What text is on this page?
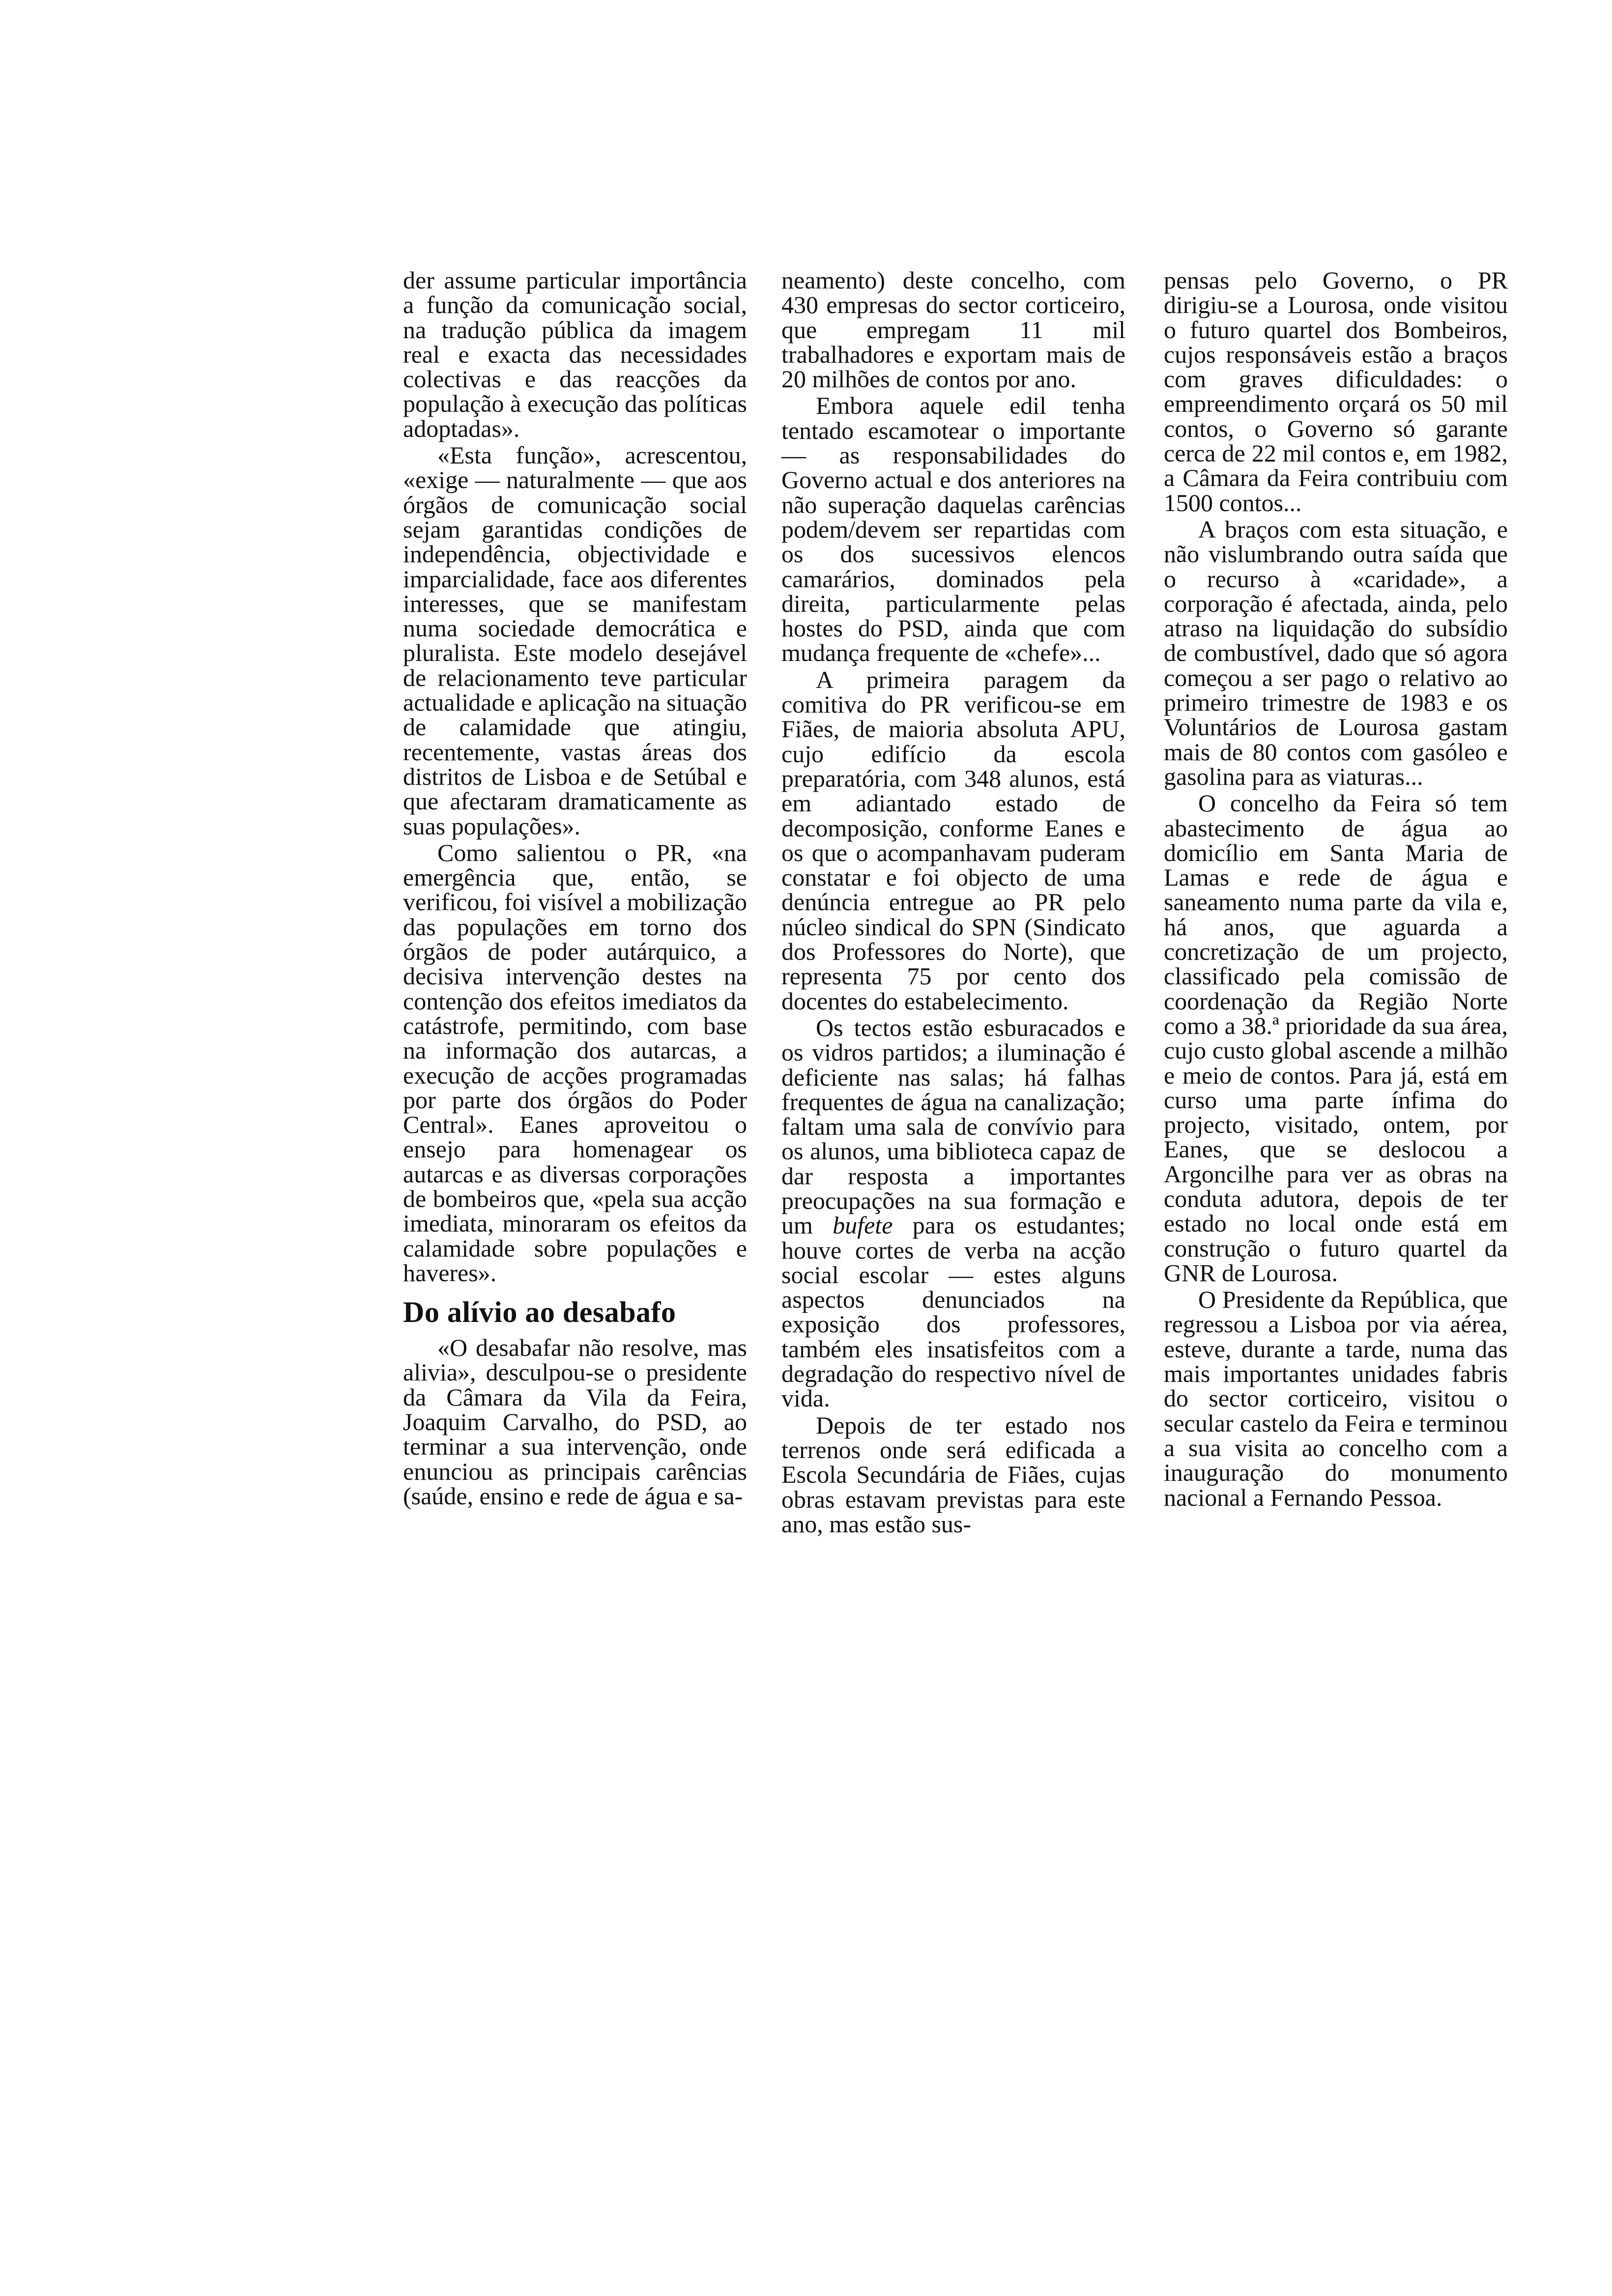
der assume particular importância a função da comunicação social, na tradução pública da imagem real e exacta das necessidades colectivas e das reacções da população à execução das políticas adoptadas».

«Esta função», acrescentou, «exige — naturalmente — que aos órgãos de comunicação social sejam garantidas condições de independência, objectividade e imparcialidade, face aos diferentes interesses, que se manifestam numa sociedade democrática e pluralista. Este modelo desejável de relacionamento teve particular actualidade e aplicação na situação de calamidade que atingiu, recentemente, vastas áreas dos distritos de Lisboa e de Setúbal e que afectaram dramaticamente as suas populações».

Como salientou o PR, «na emergência que, então, se verificou, foi visível a mobilização das populações em torno dos órgãos de poder autárquico, a decisiva intervenção destes na contenção dos efeitos imediatos da catástrofe, permitindo, com base na informação dos autarcas, a execução de acções programadas por parte dos órgãos do Poder Central». Eanes aproveitou o ensejo para homenagear os autarcas e as diversas corporações de bombeiros que, «pela sua acção imediata, minoraram os efeitos da calamidade sobre populações e haveres».

Do alívio ao desabafo

«O desabafar não resolve, mas alivia», desculpou-se o presidente da Câmara da Vila da Feira, Joaquim Carvalho, do PSD, ao terminar a sua intervenção, onde enunciou as principais carências (saúde, ensino e rede de água e sa-

neamento) deste concelho, com 430 empresas do sector corticeiro, que empregam 11 mil trabalhadores e exportam mais de 20 milhões de contos por ano.

Embora aquele edil tenha tentado escamotear o importante — as responsabilidades do Governo actual e dos anteriores na não superação daquelas carências podem/devem ser repartidas com os dos sucessivos elencos camarários, dominados pela direita, particularmente pelas hostes do PSD, ainda que com mudança frequente de «chefe»...

A primeira paragem da comitiva do PR verificou-se em Fiães, de maioria absoluta APU, cujo edifício da escola preparatória, com 348 alunos, está em adiantado estado de decomposição, conforme Eanes e os que o acompanhavam puderam constatar e foi objecto de uma denúncia entregue ao PR pelo núcleo sindical do SPN (Sindicato dos Professores do Norte), que representa 75 por cento dos docentes do estabelecimento.

Os tectos estão esburacados e os vidros partidos; a iluminação é deficiente nas salas; há falhas frequentes de água na canalização; faltam uma sala de convívio para os alunos, uma biblioteca capaz de dar resposta a importantes preocupações na sua formação e um bufete para os estudantes; houve cortes de verba na acção social escolar — estes alguns aspectos denunciados na exposição dos professores, também eles insatisfeitos com a degradação do respectivo nível de vida.

Depois de ter estado nos terrenos onde será edificada a Escola Secundária de Fiães, cujas obras estavam previstas para este ano, mas estão sus-

pensas pelo Governo, o PR dirigiu-se a Lourosa, onde visitou o futuro quartel dos Bombeiros, cujos responsáveis estão a braços com graves dificuldades: o empreendimento orçará os 50 mil contos, o Governo só garante cerca de 22 mil contos e, em 1982, a Câmara da Feira contribuiu com 1500 contos...

A braços com esta situação, e não vislumbrando outra saída que o recurso à «caridade», a corporação é afectada, ainda, pelo atraso na liquidação do subsídio de combustível, dado que só agora começou a ser pago o relativo ao primeiro trimestre de 1983 e os Voluntários de Lourosa gastam mais de 80 contos com gasóleo e gasolina para as viaturas...

O concelho da Feira só tem abastecimento de água ao domicílio em Santa Maria de Lamas e rede de água e saneamento numa parte da vila e, há anos, que aguarda a concretização de um projecto, classificado pela comissão de coordenação da Região Norte como a 38.ª prioridade da sua área, cujo custo global ascende a milhão e meio de contos. Para já, está em curso uma parte ínfima do projecto, visitado, ontem, por Eanes, que se deslocou a Argoncilhe para ver as obras na conduta adutora, depois de ter estado no local onde está em construção o futuro quartel da GNR de Lourosa.

O Presidente da República, que regressou a Lisboa por via aérea, esteve, durante a tarde, numa das mais importantes unidades fabris do sector corticeiro, visitou o secular castelo da Feira e terminou a sua visita ao concelho com a inauguração do monumento nacional a Fernando Pessoa.
